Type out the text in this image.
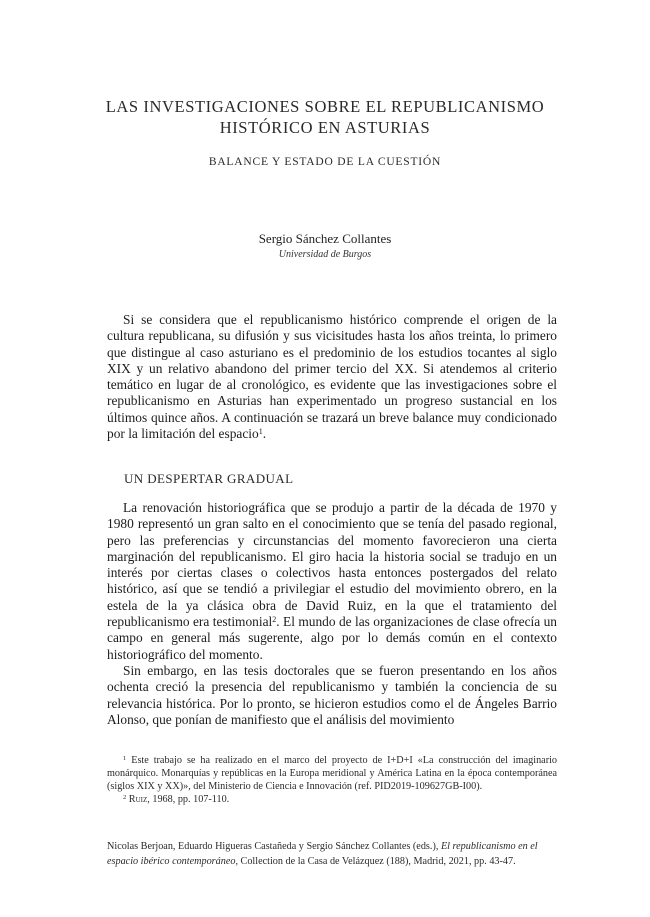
LAS INVESTIGACIONES SOBRE EL REPUBLICANISMO
HISTÓRICO EN ASTURIAS
BALANCE Y ESTADO DE LA CUESTIÓN
Sergio Sánchez Collantes
Universidad de Burgos

Si se considera que el republicanismo histórico comprende el origen de la cultura republicana, su difusión y sus vicisitudes hasta los años treinta, lo primero que distingue al caso asturiano es el predominio de los estudios tocantes al siglo XIX y un relativo abandono del primer tercio del XX. Si atendemos al criterio temático en lugar de al cronológico, es evidente que las investigaciones sobre el republicanismo en Asturias han experimentado un progreso sustancial en los últimos quince años. A continuación se trazará un breve balance muy condicionado por la limitación del espacio$^1$.

UN DESPERTAR GRADUAL

La renovación historiográfica que se produjo a partir de la década de 1970 y 1980 representó un gran salto en el conocimiento que se tenía del pasado regional, pero las preferencias y circunstancias del momento favorecieron una cierta marginación del republicanismo. El giro hacia la historia social se tradujo en un interés por ciertas clases o colectivos hasta entonces postergados del relato histórico, así que se tendió a privilegiar el estudio del movimiento obrero, en la estela de la ya clásica obra de David Ruiz, en la que el tratamiento del republicanismo era testimonial$^2$. El mundo de las organizaciones de clase ofrecía un campo en general más sugerente, algo por lo demás común en el contexto historiográfico del momento.

Sin embargo, en las tesis doctorales que se fueron presentando en los años ochenta creció la presencia del republicanismo y también la conciencia de su relevancia histórica. Por lo pronto, se hicieron estudios como el de Ángeles Barrio Alonso, que ponían de manifiesto que el análisis del movimiento

$^1$ Este trabajo se ha realizado en el marco del proyecto de I+D+I «La construcción del imaginario monárquico. Monarquías y repúblicas en la Europa meridional y América Latina en la época contemporánea (siglos XIX y XX)», del Ministerio de Ciencia e Innovación (ref. PID2019-109627GB-I00).

$^2$ Ruiz, 1968, pp. 107-110.

Nicolas Berjoan, Eduardo Higueras Castañeda y Sergio Sánchez Collantes (eds.), El republicanismo en el espacio ibérico contemporáneo, Collection de la Casa de Velázquez (188), Madrid, 2021, pp. 43-47.
